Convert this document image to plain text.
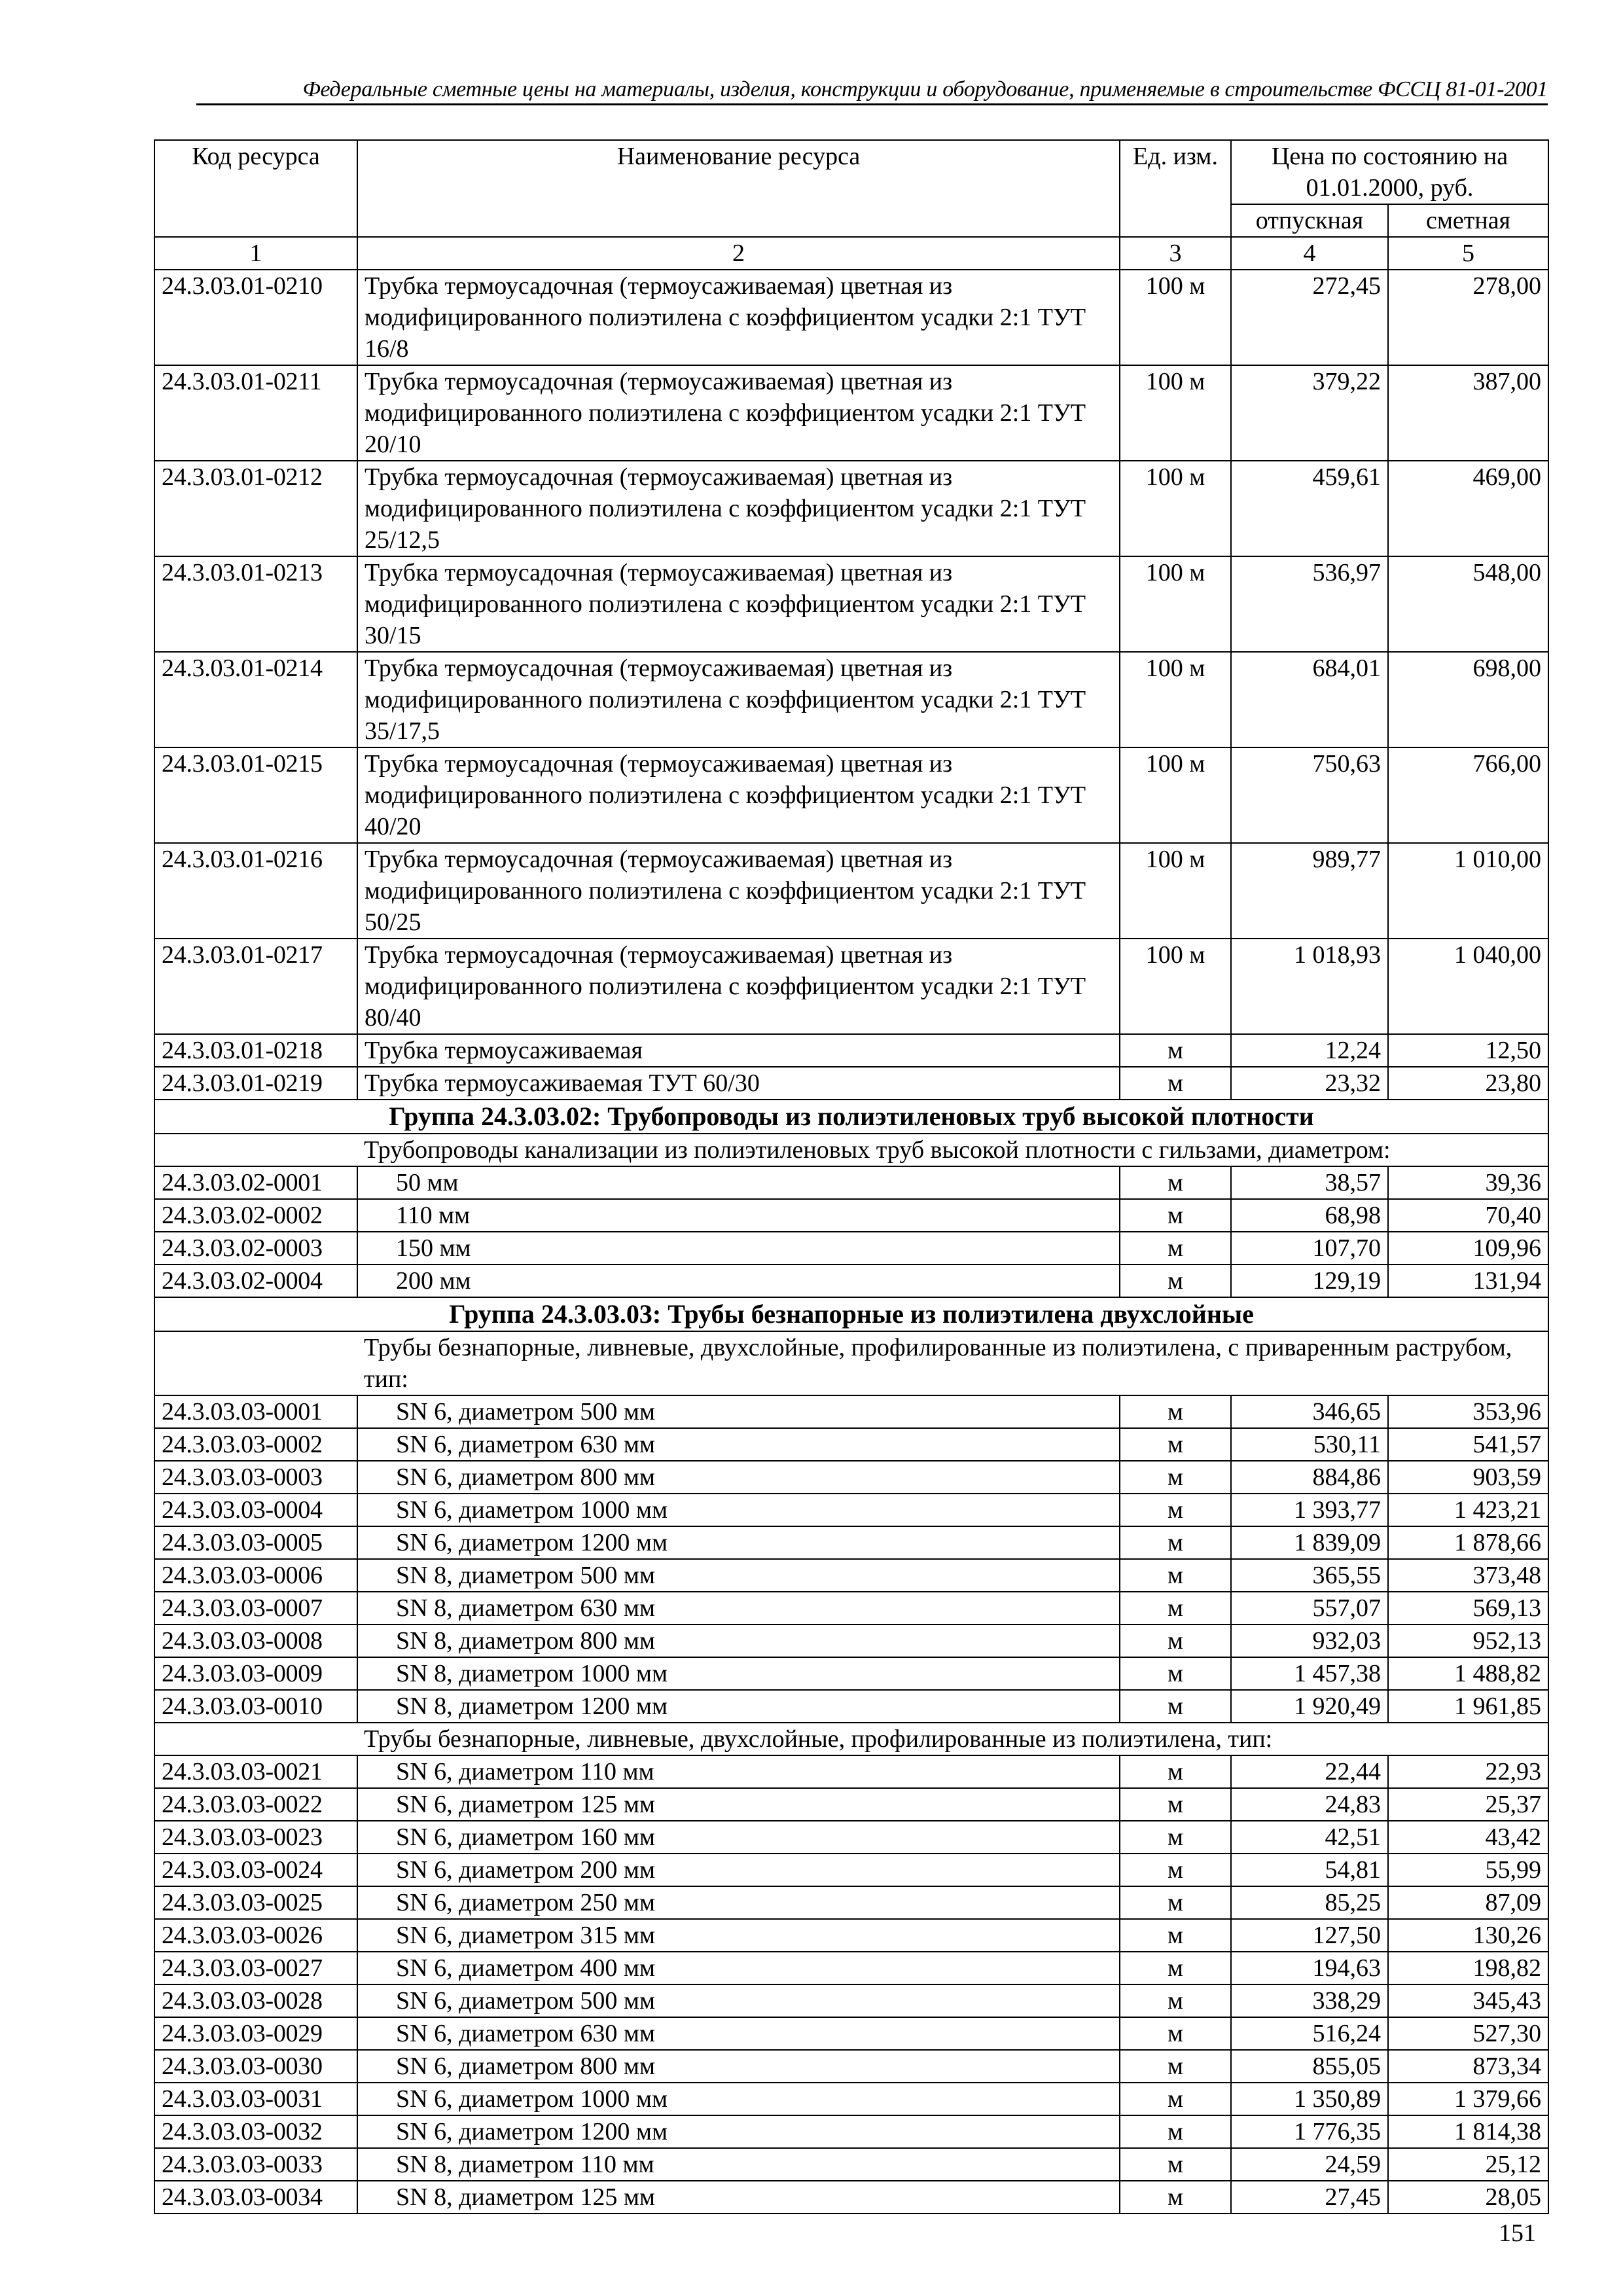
Федеральные сметные цены на материалы, изделия, конструкции и оборудование, применяемые в строительстве ФССЦ 81-01-2001
Код ресурса	Наименование ресурса	Ед. изм.	Цена по состоянию на 01.01.2000, руб.	
			отпускная	сметная
1	2	3	4	5
24.3.03.01-0210	Трубка термоусадочная (термоусаживаемая) цветная из модифицированного полиэтилена с коэффициентом усадки 2:1 ТУТ 16/8	100 м	272,45	278,00
24.3.03.01-0211	Трубка термоусадочная (термоусаживаемая) цветная из модифицированного полиэтилена с коэффициентом усадки 2:1 ТУТ 20/10	100 м	379,22	387,00
24.3.03.01-0212	Трубка термоусадочная (термоусаживаемая) цветная из модифицированного полиэтилена с коэффициентом усадки 2:1 ТУТ 25/12,5	100 м	459,61	469,00
24.3.03.01-0213	Трубка термоусадочная (термоусаживаемая) цветная из модифицированного полиэтилена с коэффициентом усадки 2:1 ТУТ 30/15	100 м	536,97	548,00
24.3.03.01-0214	Трубка термоусадочная (термоусаживаемая) цветная из модифицированного полиэтилена с коэффициентом усадки 2:1 ТУТ 35/17,5	100 м	684,01	698,00
24.3.03.01-0215	Трубка термоусадочная (термоусаживаемая) цветная из модифицированного полиэтилена с коэффициентом усадки 2:1 ТУТ 40/20	100 м	750,63	766,00
24.3.03.01-0216	Трубка термоусадочная (термоусаживаемая) цветная из модифицированного полиэтилена с коэффициентом усадки 2:1 ТУТ 50/25	100 м	989,77	1 010,00
24.3.03.01-0217	Трубка термоусадочная (термоусаживаемая) цветная из модифицированного полиэтилена с коэффициентом усадки 2:1 ТУТ 80/40	100 м	1 018,93	1 040,00
24.3.03.01-0218	Трубка термоусаживаемая	м	12,24	12,50
24.3.03.01-0219	Трубка термоусаживаемая ТУТ 60/30	м	23,32	23,80
Группа 24.3.03.02: Трубопроводы из полиэтиленовых труб высокой плотности				
	Трубопроводы канализации из полиэтиленовых труб высокой плотности с гильзами, диаметром:			
24.3.03.02-0001	50 мм	м	38,57	39,36
24.3.03.02-0002	110 мм	м	68,98	70,40
24.3.03.02-0003	150 мм	м	107,70	109,96
24.3.03.02-0004	200 мм	м	129,19	131,94
Группа 24.3.03.03: Трубы безнапорные из полиэтилена двухслойные				
	Трубы безнапорные, ливневые, двухслойные, профилированные из полиэтилена, с приваренным раструбом, тип:			
24.3.03.03-0001	SN 6, диаметром 500 мм	м	346,65	353,96
24.3.03.03-0002	SN 6, диаметром 630 мм	м	530,11	541,57
24.3.03.03-0003	SN 6, диаметром 800 мм	м	884,86	903,59
24.3.03.03-0004	SN 6, диаметром 1000 мм	м	1 393,77	1 423,21
24.3.03.03-0005	SN 6, диаметром 1200 мм	м	1 839,09	1 878,66
24.3.03.03-0006	SN 8, диаметром 500 мм	м	365,55	373,48
24.3.03.03-0007	SN 8, диаметром 630 мм	м	557,07	569,13
24.3.03.03-0008	SN 8, диаметром 800 мм	м	932,03	952,13
24.3.03.03-0009	SN 8, диаметром 1000 мм	м	1 457,38	1 488,82
24.3.03.03-0010	SN 8, диаметром 1200 мм	м	1 920,49	1 961,85
	Трубы безнапорные, ливневые, двухслойные, профилированные из полиэтилена, тип:			
24.3.03.03-0021	SN 6, диаметром 110 мм	м	22,44	22,93
24.3.03.03-0022	SN 6, диаметром 125 мм	м	24,83	25,37
24.3.03.03-0023	SN 6, диаметром 160 мм	м	42,51	43,42
24.3.03.03-0024	SN 6, диаметром 200 мм	м	54,81	55,99
24.3.03.03-0025	SN 6, диаметром 250 мм	м	85,25	87,09
24.3.03.03-0026	SN 6, диаметром 315 мм	м	127,50	130,26
24.3.03.03-0027	SN 6, диаметром 400 мм	м	194,63	198,82
24.3.03.03-0028	SN 6, диаметром 500 мм	м	338,29	345,43
24.3.03.03-0029	SN 6, диаметром 630 мм	м	516,24	527,30
24.3.03.03-0030	SN 6, диаметром 800 мм	м	855,05	873,34
24.3.03.03-0031	SN 6, диаметром 1000 мм	м	1 350,89	1 379,66
24.3.03.03-0032	SN 6, диаметром 1200 мм	м	1 776,35	1 814,38
24.3.03.03-0033	SN 8, диаметром 110 мм	м	24,59	25,12
24.3.03.03-0034	SN 8, диаметром 125 мм	м	27,45	28,05
151
